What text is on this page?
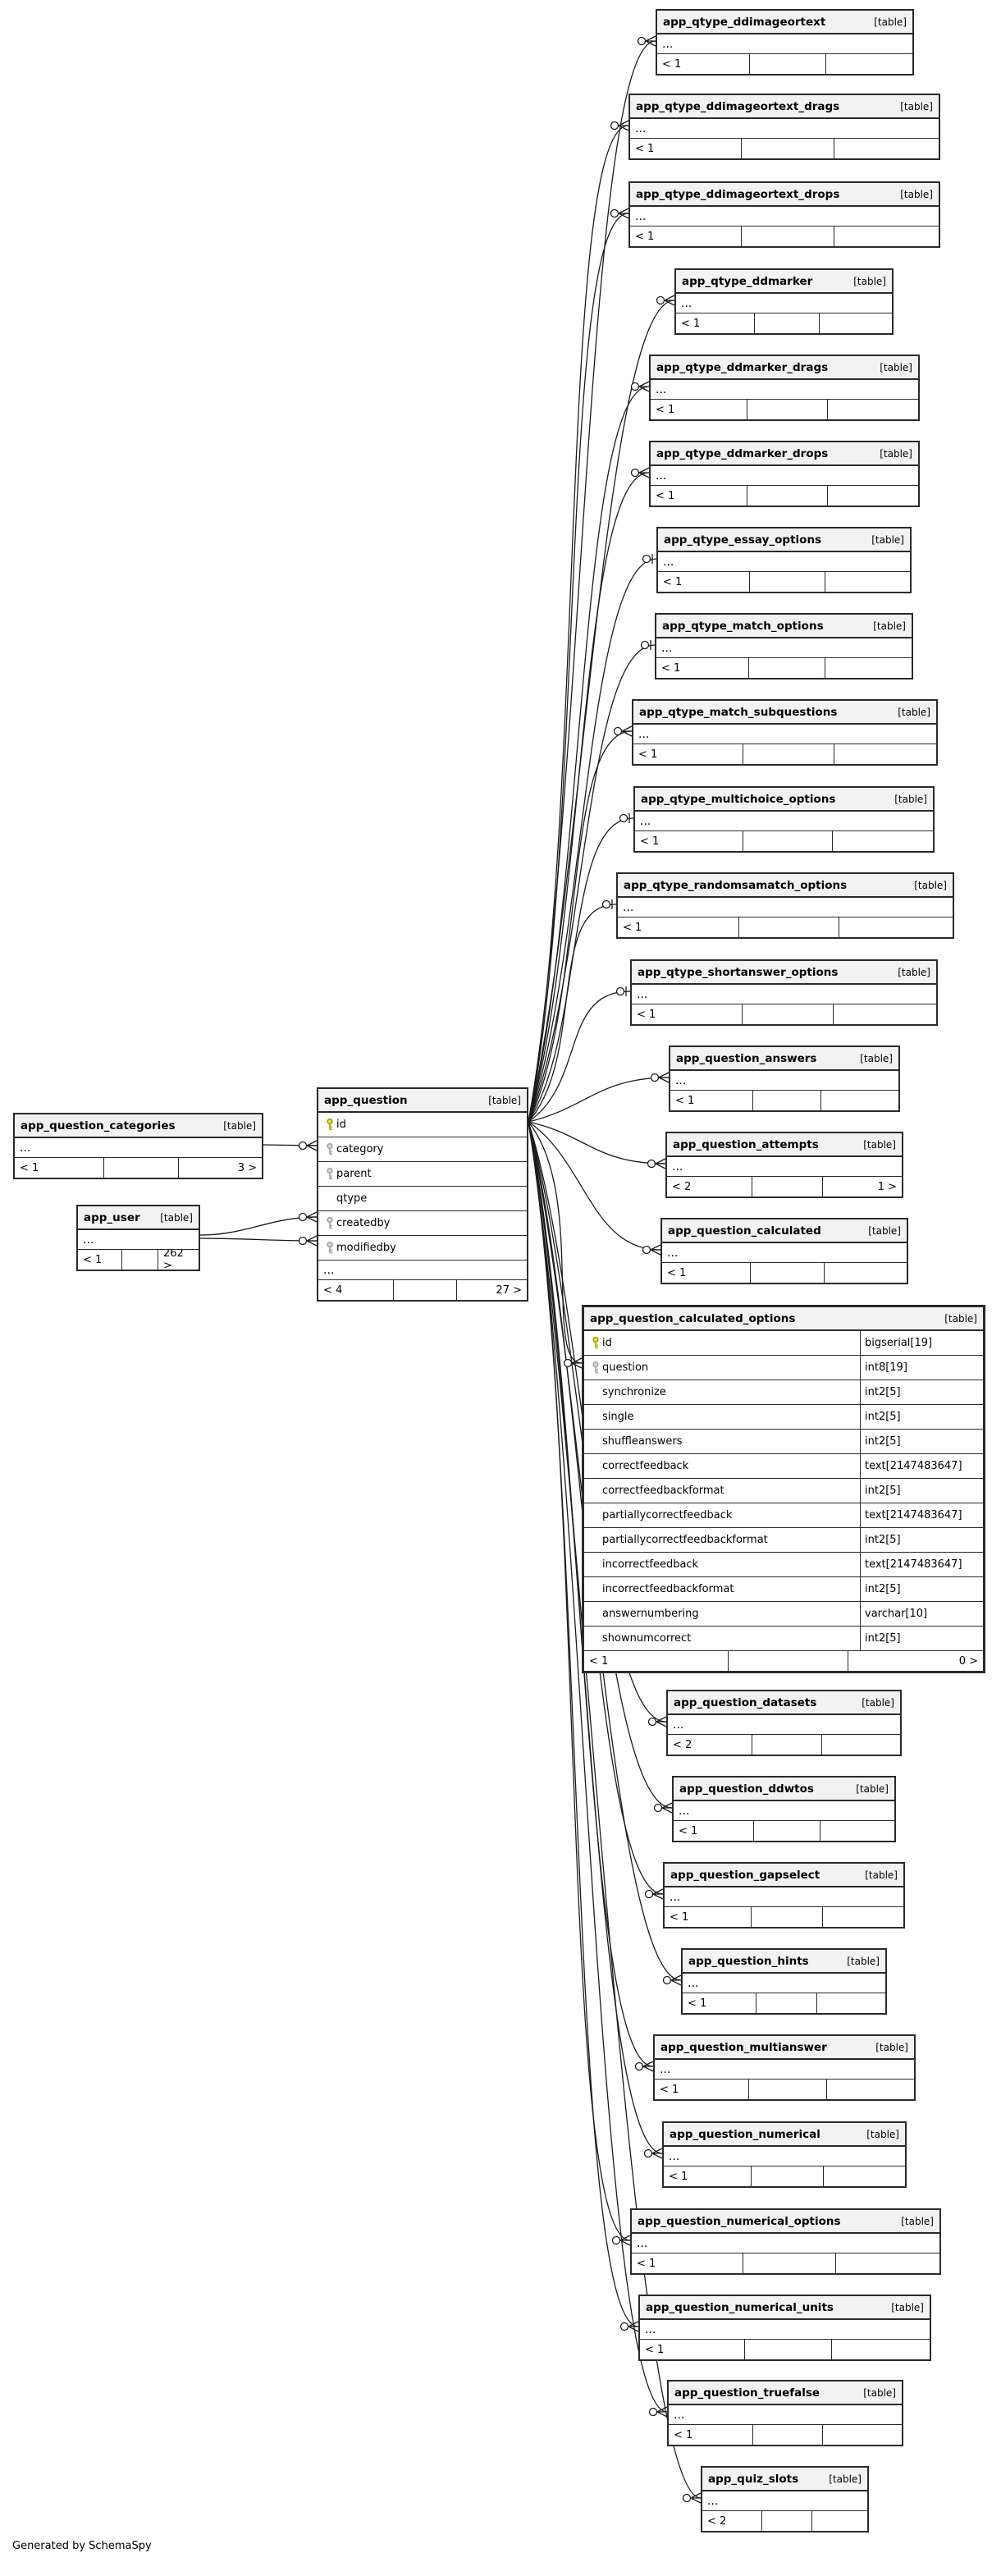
Generated by SchemaSpy
app_qtype_ddimageortext	[table]
...
< 1
app_qtype_ddimageortext_drags	[table]
...
< 1
app_qtype_ddimageortext_drops	[table]
...
< 1
app_qtype_ddmarker	[table]
...
< 1
app_qtype_ddmarker_drags	[table]
...
< 1
app_qtype_ddmarker_drops	[table]
...
< 1
app_qtype_essay_options	[table]
...
< 1
app_qtype_match_options	[table]
...
< 1
app_qtype_match_subquestions	[table]
...
< 1
app_qtype_multichoice_options	[table]
...
< 1
app_qtype_randomsamatch_options	[table]
...
< 1
app_qtype_shortanswer_options	[table]
...
< 1
app_question_answers	[table]
...
< 1
app_question_attempts	[table]
...
< 2	1 >
app_question_calculated	[table]
...
< 1
app_question_datasets	[table]
...
< 2
app_question_ddwtos	[table]
...
< 1
app_question_gapselect	[table]
...
< 1
app_question_hints	[table]
...
< 1
app_question_multianswer	[table]
...
< 1
app_question_numerical	[table]
...
< 1
app_question_numerical_options	[table]
...
< 1
app_question_numerical_units	[table]
...
< 1
app_question_truefalse	[table]
...
< 1
app_quiz_slots	[table]
...
< 2
app_question_categories	[table]
...
< 1	3 >
app_user [table]
...
< 1	262 >
app_question	[table]
id
category
parent
qtype
createdby
modifiedby
...
< 4	27 >
app_question_calculated_options	[table]
id	bigserial[19]
question	int8[19]
synchronize	int2[5]
single	int2[5]
shuffleanswers	int2[5]
correctfeedback	text[2147483647]
correctfeedbackformat	int2[5]
partiallycorrectfeedback	text[2147483647]
partiallycorrectfeedbackformat	int2[5]
incorrectfeedback	text[2147483647]
incorrectfeedbackformat	int2[5]
answernumbering	varchar[10]
shownumcorrect	int2[5]
< 1	0 >
